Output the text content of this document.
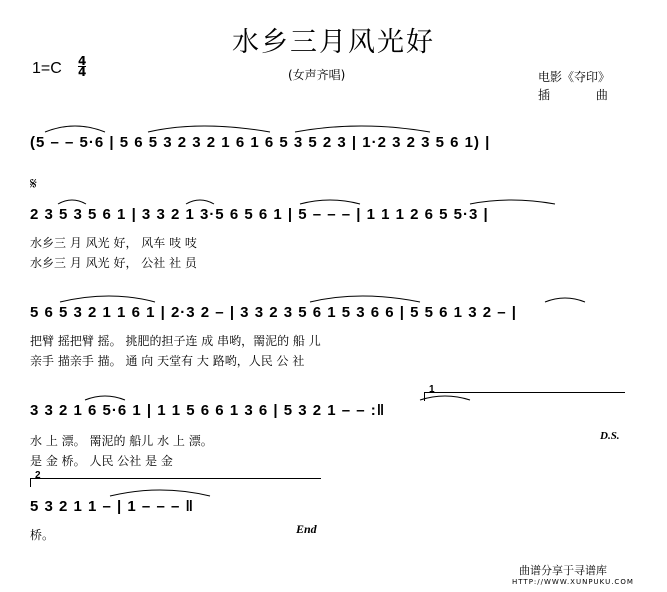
水乡三月风光好
1=C 4
4	(女声齐唱)	电影《夺印》
插 曲
(5 – – 5·6 | 5 6 5 3 2 3 2 1 6 1 6 5 3 5 2 3 | 1·2 3 2 3 5 6 1) |
𝄋
2 3 5 3 5 6 1 | 3 3 2 1 3·5 6 5 6 1 | 5 – – – | 1 1 1 2 6 5 5·3 |
水乡三 月 风光 好， 风车 吱 吱
水乡三 月 风光 好， 公社 社 员
5 6 5 3 2 1 1 6 1 | 2·3 2 – | 3 3 2 3 5 6 1 5 3 6 6 | 5 5 6 1 3 2 – |
把臂 摇把臂 摇。 挑肥的担子连 成 串哟，罱泥的 船 儿
亲手 描亲手 描。 通 向 天堂有 大 路哟，人民 公 社
1
3 3 2 1 6 5·6 1 | 1 1 5 6 6 1 3 6 | 5 3 2 1 – – :‖
D.S.
水 上 漂。 罱泥的 船儿 水 上 漂。
是 金 桥。 人民 公社 是 金
2
5 3 2 1 1 – | 1 – – – ‖
桥。	End
曲谱分享于寻谱库
HTTP://WWW.XUNPUKU.COM
